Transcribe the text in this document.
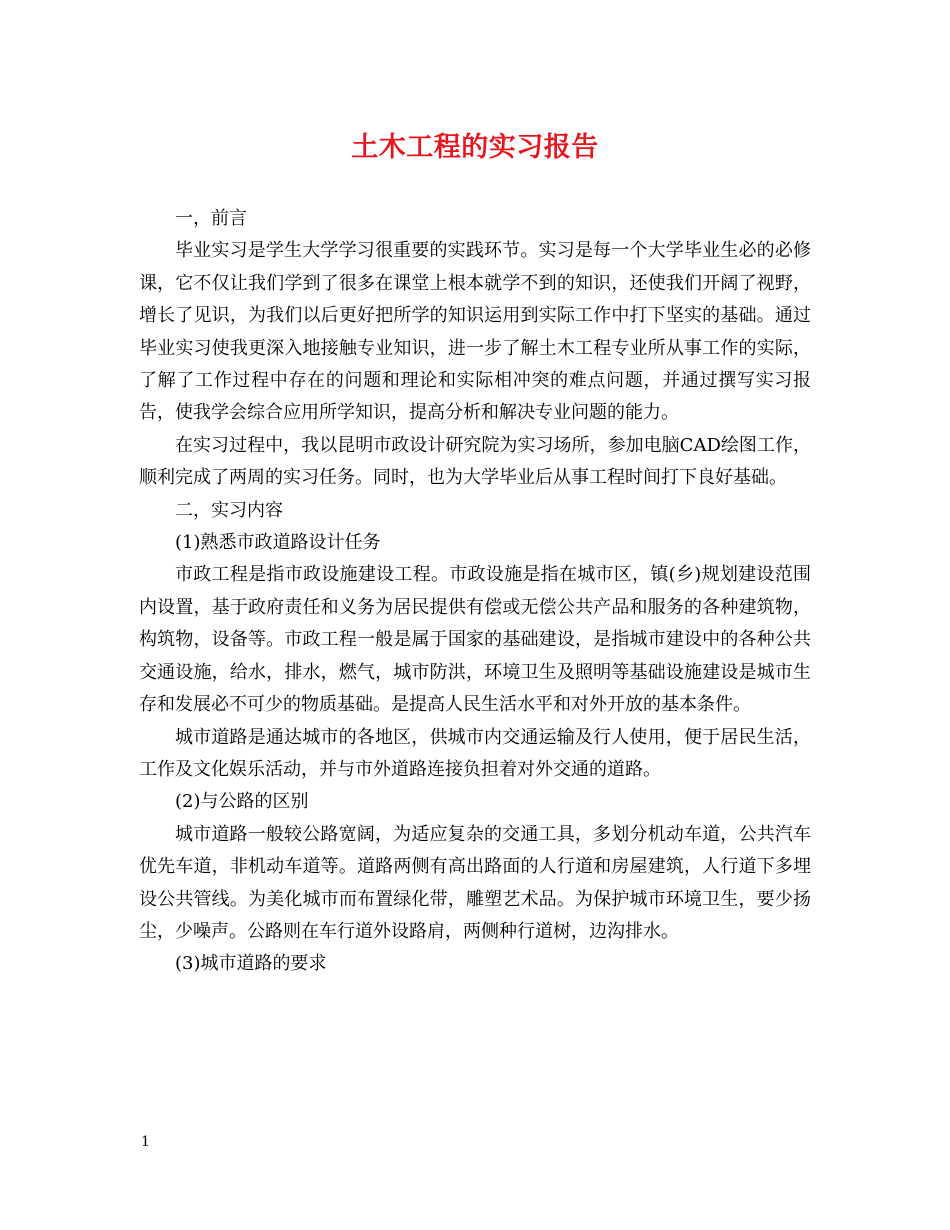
土木工程的实习报告

一，前言

毕业实习是学生大学学习很重要的实践环节。实习是每一个大学毕业生必的必修课，它不仅让我们学到了很多在课堂上根本就学不到的知识，还使我们开阔了视野，增长了见识，为我们以后更好把所学的知识运用到实际工作中打下坚实的基础。通过毕业实习使我更深入地接触专业知识，进一步了解土木工程专业所从事工作的实际，了解了工作过程中存在的问题和理论和实际相冲突的难点问题，并通过撰写实习报告，使我学会综合应用所学知识，提高分析和解决专业问题的能力。

在实习过程中，我以昆明市政设计研究院为实习场所，参加电脑CAD绘图工作，顺利完成了两周的实习任务。同时，也为大学毕业后从事工程时间打下良好基础。

二，实习内容

(1)熟悉市政道路设计任务

市政工程是指市政设施建设工程。市政设施是指在城市区，镇(乡)规划建设范围内设置，基于政府责任和义务为居民提供有偿或无偿公共产品和服务的各种建筑物，构筑物，设备等。市政工程一般是属于国家的基础建设，是指城市建设中的各种公共交通设施，给水，排水，燃气，城市防洪，环境卫生及照明等基础设施建设是城市生存和发展必不可少的物质基础。是提高人民生活水平和对外开放的基本条件。

城市道路是通达城市的各地区，供城市内交通运输及行人使用，便于居民生活，工作及文化娱乐活动，并与市外道路连接负担着对外交通的道路。

(2)与公路的区别

城市道路一般较公路宽阔，为适应复杂的交通工具，多划分机动车道，公共汽车优先车道，非机动车道等。道路两侧有高出路面的人行道和房屋建筑，人行道下多埋设公共管线。为美化城市而布置绿化带，雕塑艺术品。为保护城市环境卫生，要少扬尘，少噪声。公路则在车行道外设路肩，两侧种行道树，边沟排水。

(3)城市道路的要求

1
